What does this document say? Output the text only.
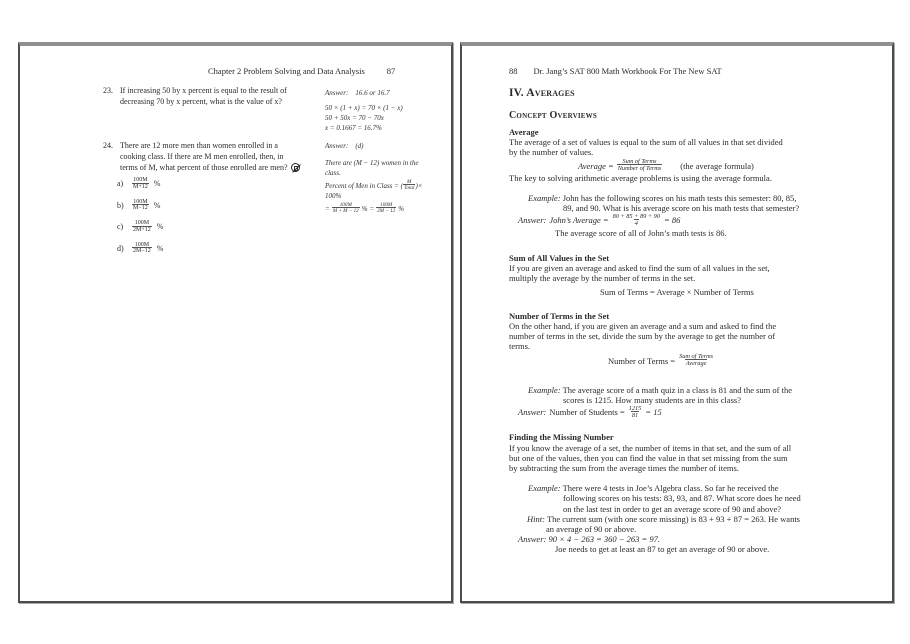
Chapter 2 Problem Solving and Data Analysis	87
23. If increasing 50 by x percent is equal to the result of
decreasing 70 by x percent, what is the value of x?
24. There are 12 more men than women enrolled in a
cooking class. If there are M men enrolled, then, in
terms of M, what percent of those enrolled are men?
a)	$\frac{100M}{M+12}$ %
b)	$\frac{100M}{M-12}$ %
c)	$\frac{100M}{2M+12}$ %
d)	$\frac{100M}{2M-12}$ %
Answer: 16.6 or 16.7
50 × (1 + x) = 70 × (1 − x)
50 + 50x = 70 − 70x
x = 0.1667 = 16.7%
Answer: (d)
There are (M − 12) women in the
class.
Percent of Men in Class = ( M
Total )×
100%
=	100M
M + M − 12 % =	100M
2M − 12 %
88 Dr. Jang’s SAT 800 Math Workbook For The New SAT
IV. Averages
Concept Overviews
Average
The average of a set of values is equal to the sum of all values in that set divided
by the number of values.
Average =	Sum of Terms
Number of Terms (the average formula)
The key to solving arithmetic average problems is using the average formula.
Example: John has the following scores on his math tests this semester: 80, 85,
89, and 90. What is his average score on his math tests that semester?
Answer: John’s Average = 80 + 85 + 89 + 90
4	= 86
The average score of all of John’s math tests is 86.
Sum of All Values in the Set
If you are given an average and asked to find the sum of all values in the set,
multiply the average by the number of terms in the set.
Sum of Terms = Average × Number of Terms
Number of Terms in the Set
On the other hand, if you are given an average and a sum and asked to find the
number of terms in the set, divide the sum by the average to get the number of
terms.
Number of Terms = Sum of Terms
Average
Example: The average score of a math quiz in a class is 81 and the sum of the
scores is 1215. How many students are in this class?
Answer: Number of Students = 1215
81 = 15
Finding the Missing Number
If you know the average of a set, the number of items in that set, and the sum of all
but one of the values, then you can find the value in that set missing from the sum
by subtracting the sum from the average times the number of items.
Example: There were 4 tests in Joe’s Algebra class. So far he received the
following scores on his tests: 83, 93, and 87. What score does he need
on the last test in order to get an average score of 90 and above?
Hint: The current sum (with one score missing) is 83 + 93 + 87 = 263. He wants
an average of 90 or above.
Answer: 90 × 4 − 263 = 360 − 263 = 97.
Joe needs to get at least an 87 to get an average of 90 or above.
